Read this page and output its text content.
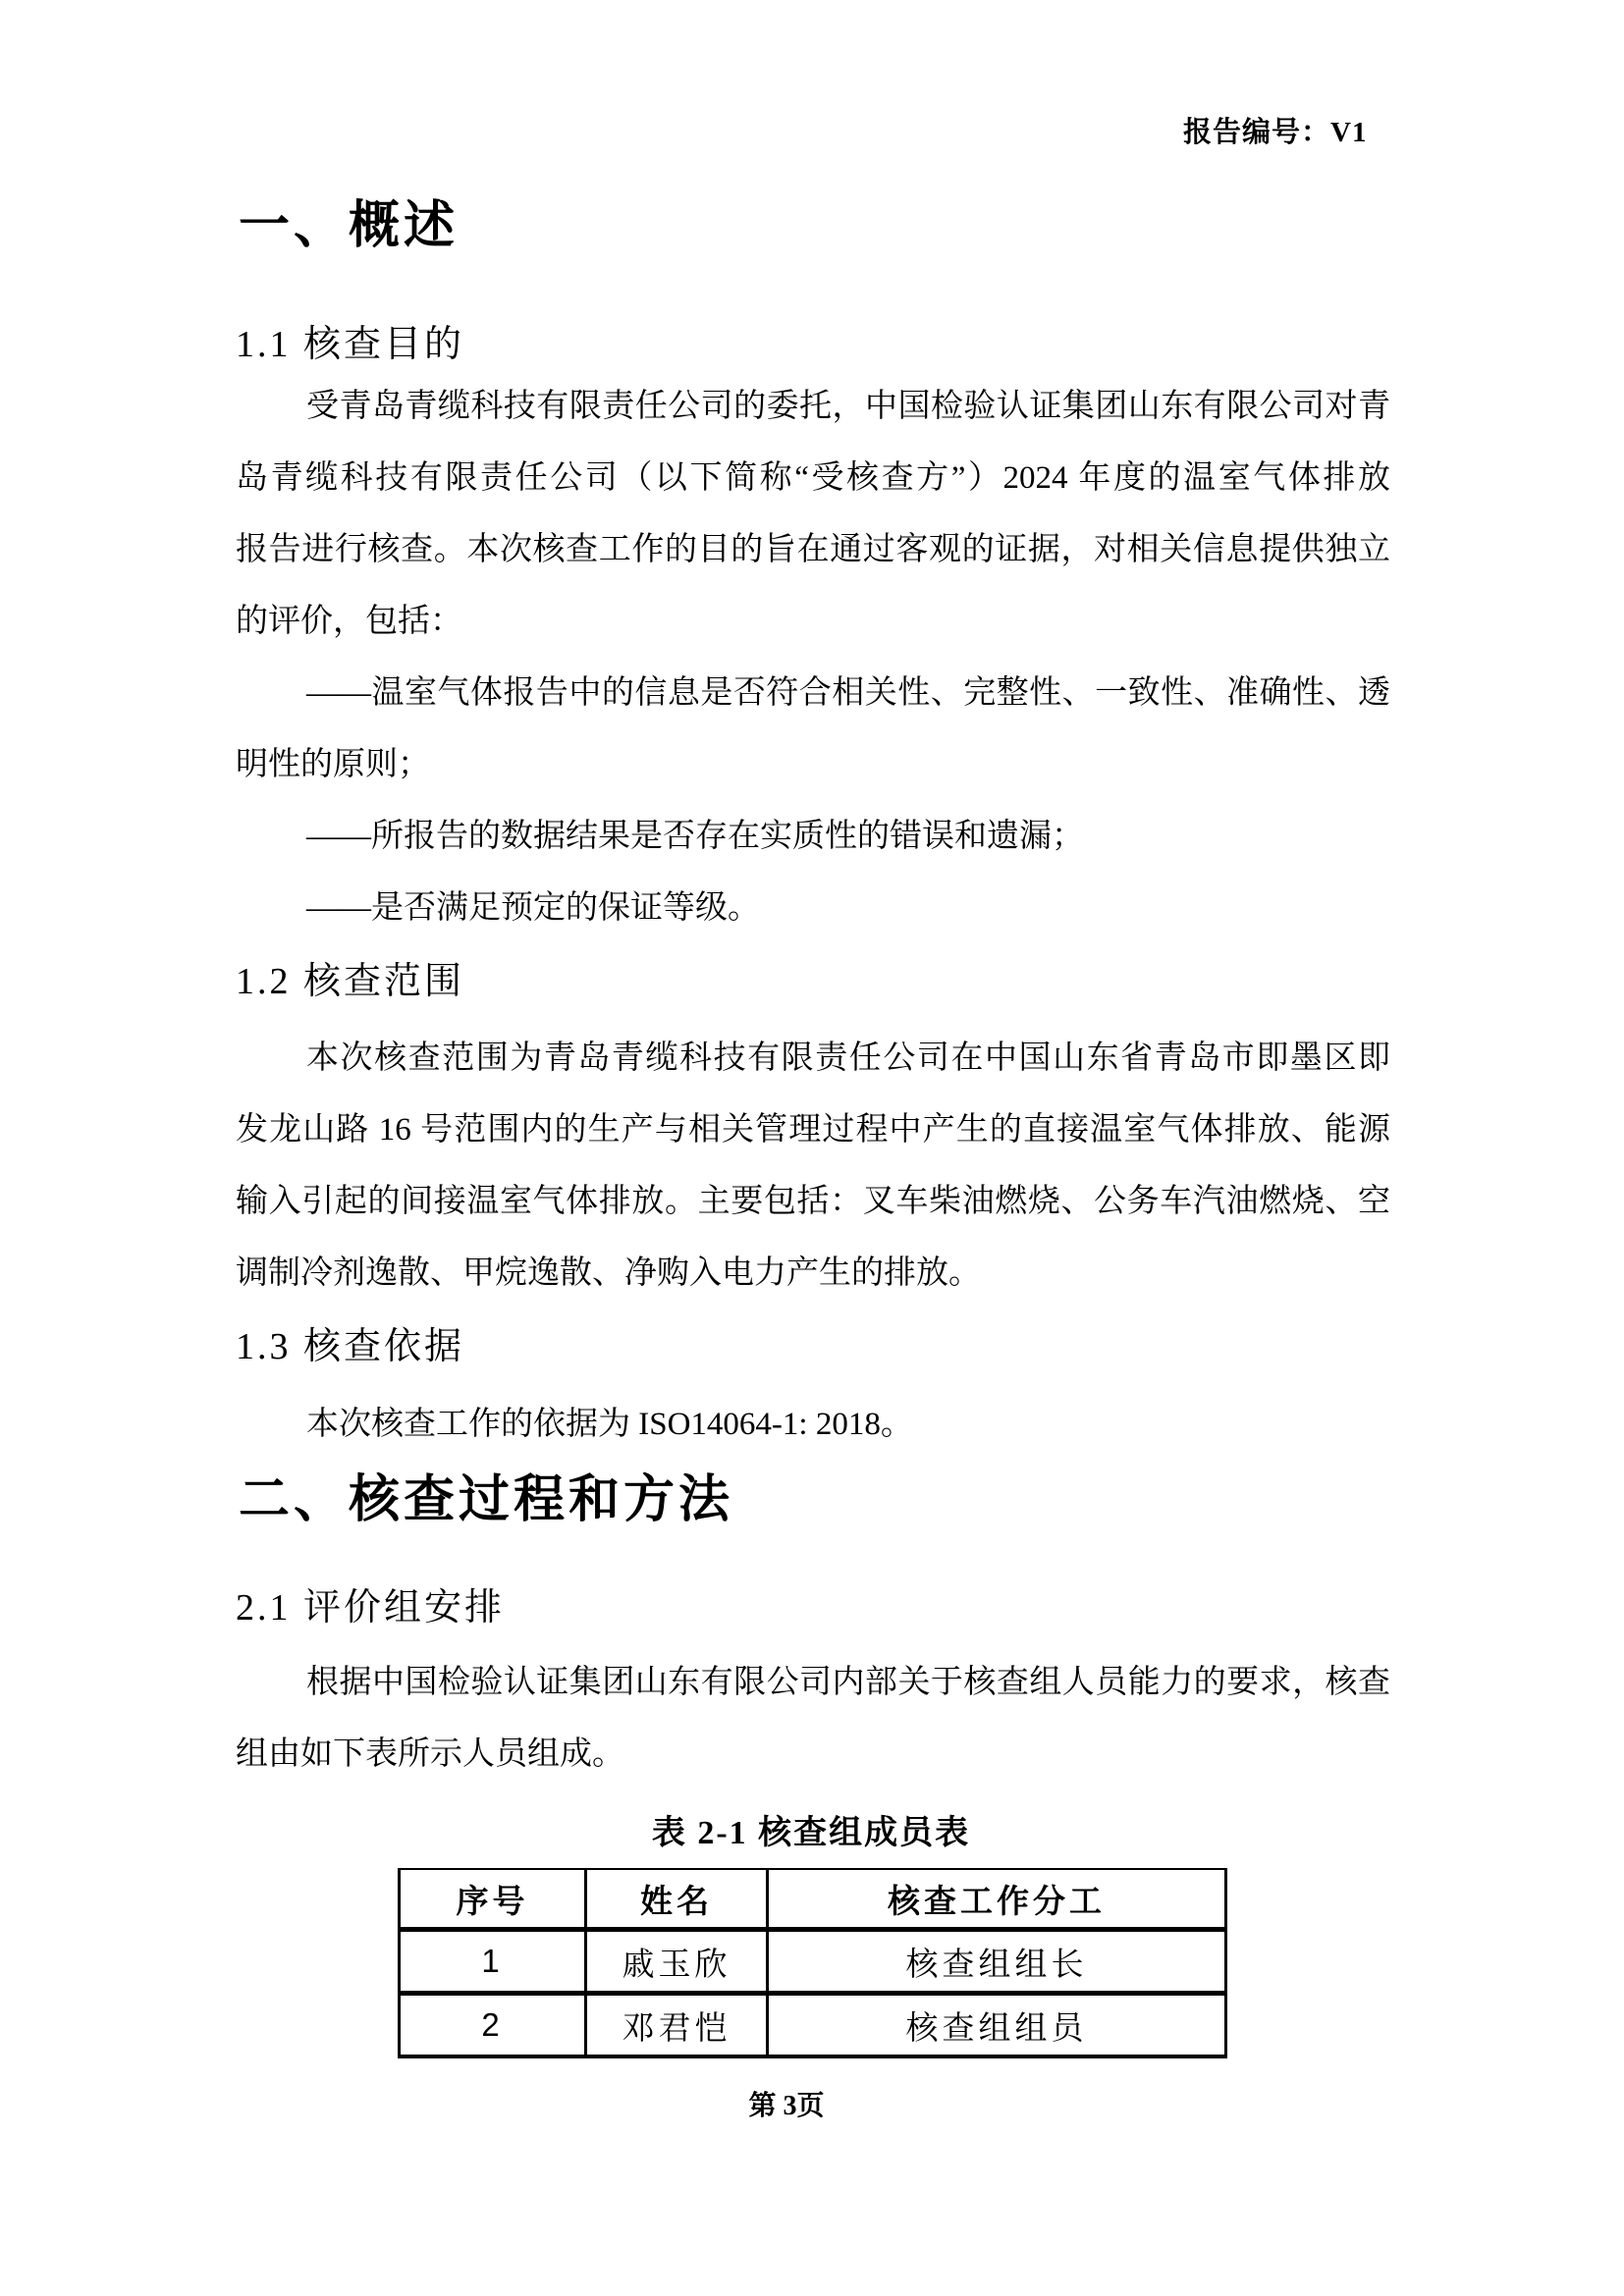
报告编号：V1
一、概述
1.1 核查目的
受青岛青缆科技有限责任公司的委托，中国检验认证集团山东有限公司对青
岛青缆科技有限责任公司（以下简称“受核查方”）2024 年度的温室气体排放
报告进行核查。本次核查工作的目的旨在通过客观的证据，对相关信息提供独立
的评价，包括：
——温室气体报告中的信息是否符合相关性、完整性、一致性、准确性、透
明性的原则；
——所报告的数据结果是否存在实质性的错误和遗漏；
——是否满足预定的保证等级。
1.2 核查范围
本次核查范围为青岛青缆科技有限责任公司在中国山东省青岛市即墨区即
发龙山路 16 号范围内的生产与相关管理过程中产生的直接温室气体排放、能源
输入引起的间接温室气体排放。主要包括：叉车柴油燃烧、公务车汽油燃烧、空
调制冷剂逸散、甲烷逸散、净购入电力产生的排放。
1.3 核查依据
本次核查工作的依据为 ISO14064-1: 2018。
二、核查过程和方法
2.1 评价组安排
根据中国检验认证集团山东有限公司内部关于核查组人员能力的要求，核查
组由如下表所示人员组成。
表 2-1 核查组成员表
序号	姓名	核查工作分工
1	戚玉欣	核查组组长
2	邓君恺	核查组组员
第 3页
